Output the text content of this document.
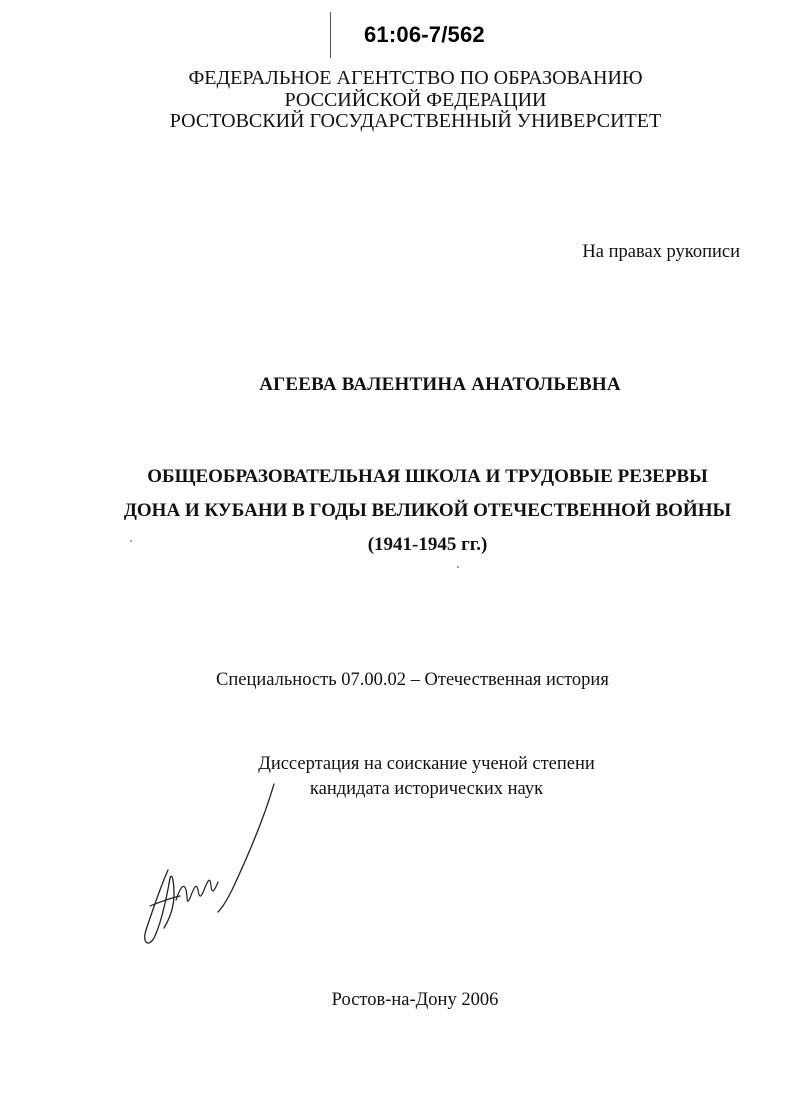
61:06-7/562
ФЕДЕРАЛЬНОЕ АГЕНТСТВО ПО ОБРАЗОВАНИЮ
РОССИЙСКОЙ ФЕДЕРАЦИИ
РОСТОВСКИЙ ГОСУДАРСТВЕННЫЙ УНИВЕРСИТЕТ
На правах рукописи
АГЕЕВА ВАЛЕНТИНА АНАТОЛЬЕВНА
ОБЩЕОБРАЗОВАТЕЛЬНАЯ ШКОЛА И ТРУДОВЫЕ РЕЗЕРВЫ
ДОНА И КУБАНИ В ГОДЫ ВЕЛИКОЙ ОТЕЧЕСТВЕННОЙ ВОЙНЫ
(1941-1945 гг.)
Специальность 07.00.02 – Отечественная история
Диссертация на соискание ученой степени
кандидата исторических наук
Ростов-на-Дону 2006
